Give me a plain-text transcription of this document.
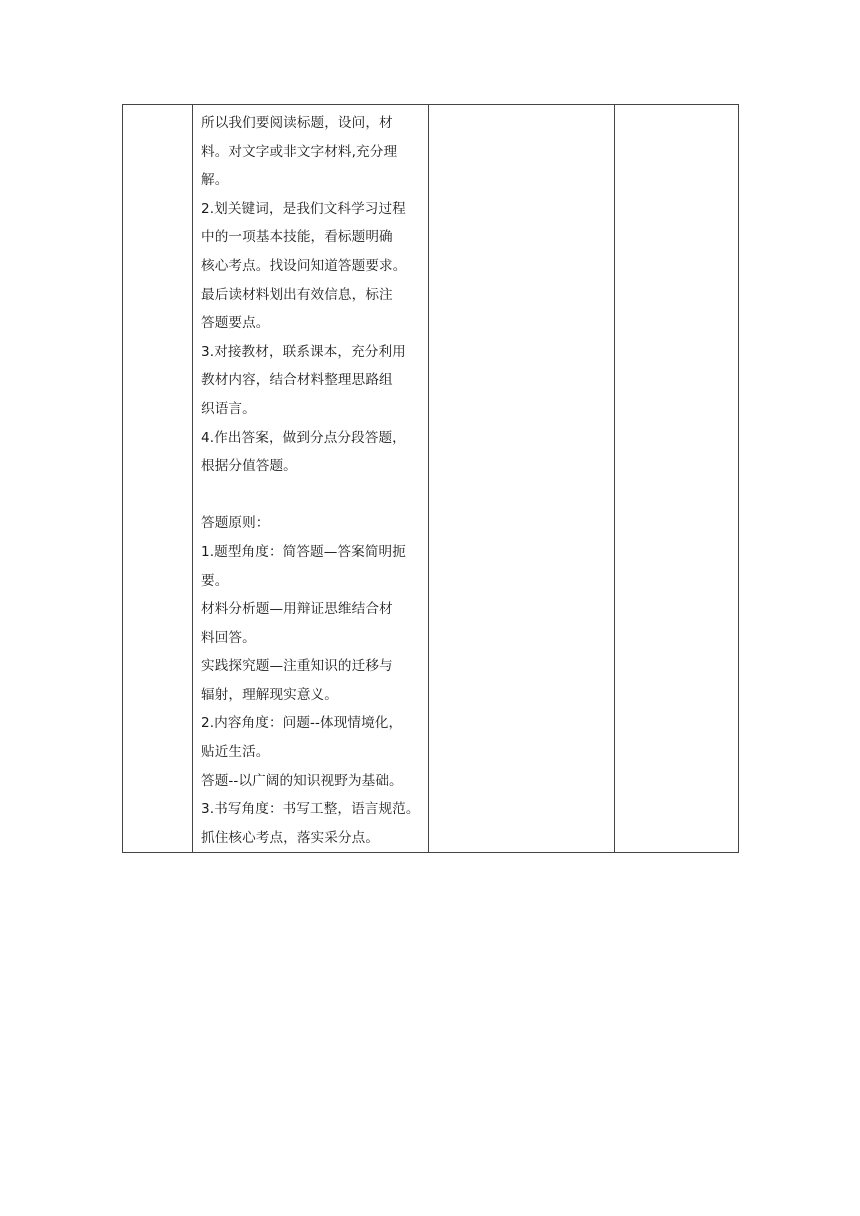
所以我们要阅读标题，设问，材
料。对文字或非文字材料,充分理
解。
2.划关键词，是我们文科学习过程
中的一项基本技能，看标题明确
核心考点。找设问知道答题要求。
最后读材料划出有效信息，标注
答题要点。
3.对接教材，联系课本，充分利用
教材内容，结合材料整理思路组
织语言。
4.作出答案，做到分点分段答题，
根据分值答题。
答题原则：
1.题型角度：简答题—答案简明扼
要。
材料分析题—用辩证思维结合材
料回答。
实践探究题—注重知识的迁移与
辐射，理解现实意义。
2.内容角度：问题--体现情境化，
贴近生活。
答题--以广阔的知识视野为基础。
3.书写角度：书写工整，语言规范。
抓住核心考点，落实采分点。
